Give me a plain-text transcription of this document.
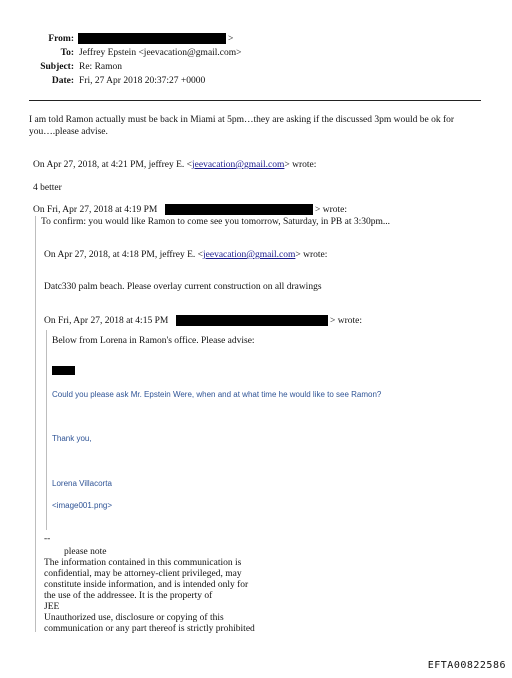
From:	>
To: Jeffrey Epstein <jeevacation@gmail.com>
Subject: Re: Ramon
Date: Fri, 27 Apr 2018 20:37:27 +0000
I am told Ramon actually must be back in Miami at 5pm…they are asking if the discussed 3pm would be ok for
you….please advise.
On Apr 27, 2018, at 4:21 PM, jeffrey E. <jeevacation@gmail.com> wrote:
4 better
On Fri, Apr 27, 2018 at 4:19 PM	> wrote:
To confirm: you would like Ramon to come see you tomorrow, Saturday, in PB at 3:30pm...
On Apr 27, 2018, at 4:18 PM, jeffrey E. <jeevacation@gmail.com> wrote:
Datc330 palm beach. Please overlay current construction on all drawings
On Fri, Apr 27, 2018 at 4:15 PM	> wrote:
Below from Lorena in Ramon's office. Please advise:
Could you please ask Mr. Epstein Were, when and at what time he would like to see Ramon?
Thank you,
Lorena Villacorta
<image001.png>
--
please note
The information contained in this communication is
confidential, may be attorney-client privileged, may
constitute inside information, and is intended only for
the use of the addressee. It is the property of
JEE
Unauthorized use, disclosure or copying of this
communication or any part thereof is strictly prohibited
EFTA00822586
